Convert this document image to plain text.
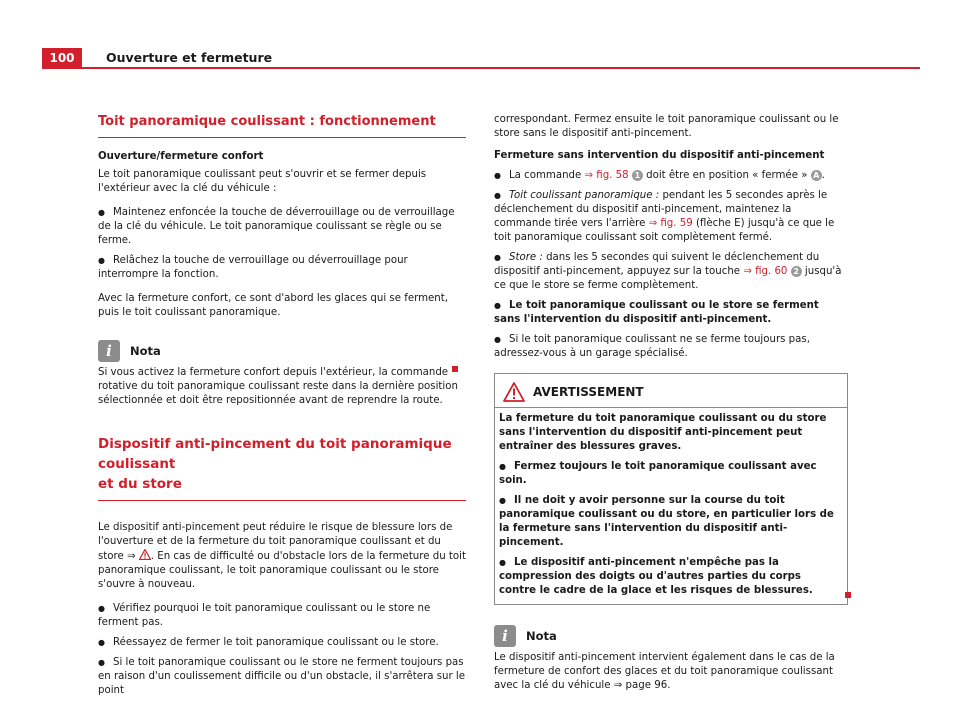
100	Ouverture et fermeture
Toit panoramique coulissant : fonctionnement

Ouverture/fermeture confort

Le toit panoramique coulissant peut s'ouvrir et se fermer depuis l'extérieur avec la clé du véhicule :

● Maintenez enfoncée la touche de déverrouillage ou de verrouillage de la clé du véhicule. Le toit panoramique coulissant se règle ou se ferme.

● Relâchez la touche de verrouillage ou déverrouillage pour interrompre la fonction.

Avec la fermeture confort, ce sont d'abord les glaces qui se ferment, puis le toit coulissant panoramique.

i	Nota

Si vous activez la fermeture confort depuis l'extérieur, la commande rotative du toit panoramique coulissant reste dans la dernière position sélectionnée et doit être repositionnée avant de reprendre la route.

Dispositif anti-pincement du toit panoramique coulissant
et du store

Le dispositif anti-pincement peut réduire le risque de blessure lors de l'ouverture et de la fermeture du toit panoramique coulissant et du store ⇒ . En cas de difficulté ou d'obstacle lors de la fermeture du toit panoramique coulissant, le toit panoramique coulissant ou le store s'ouvre à nouveau.

● Vérifiez pourquoi le toit panoramique coulissant ou le store ne ferment pas.

● Réessayez de fermer le toit panoramique coulissant ou le store.

● Si le toit panoramique coulissant ou le store ne ferment toujours pas en raison d'un coulissement difficile ou d'un obstacle, il s'arrêtera sur le point

correspondant. Fermez ensuite le toit panoramique coulissant ou le store sans le dispositif anti-pincement.

Fermeture sans intervention du dispositif anti-pincement

● La commande ⇒ fig. 58 1 doit être en position « fermée » A .

● Toit coulissant panoramique : pendant les 5 secondes après le déclenchement du dispositif anti-pincement, maintenez la commande tirée vers l'arrière ⇒ fig. 59 (flèche E) jusqu'à ce que le toit panoramique coulissant soit complètement fermé.

● Store : dans les 5 secondes qui suivent le déclenchement du dispositif anti-pincement, appuyez sur la touche ⇒ fig. 60 2 jusqu'à ce que le store se ferme complètement.

● Le toit panoramique coulissant ou le store se ferment sans l'intervention du dispositif anti-pincement.

● Si le toit panoramique coulissant ne se ferme toujours pas, adressez-vous à un garage spécialisé.

AVERTISSEMENT

La fermeture du toit panoramique coulissant ou du store sans l'intervention du dispositif anti-pincement peut entraîner des blessures graves.

● Fermez toujours le toit panoramique coulissant avec soin.

● Il ne doit y avoir personne sur la course du toit panoramique coulissant ou du store, en particulier lors de la fermeture sans l'intervention du dispositif anti-pincement.

● Le dispositif anti-pincement n'empêche pas la compression des doigts ou d'autres parties du corps contre le cadre de la glace et les risques de blessures.

i	Nota

Le dispositif anti-pincement intervient également dans le cas de la fermeture de confort des glaces et du toit panoramique coulissant avec la clé du véhicule ⇒ page 96.
